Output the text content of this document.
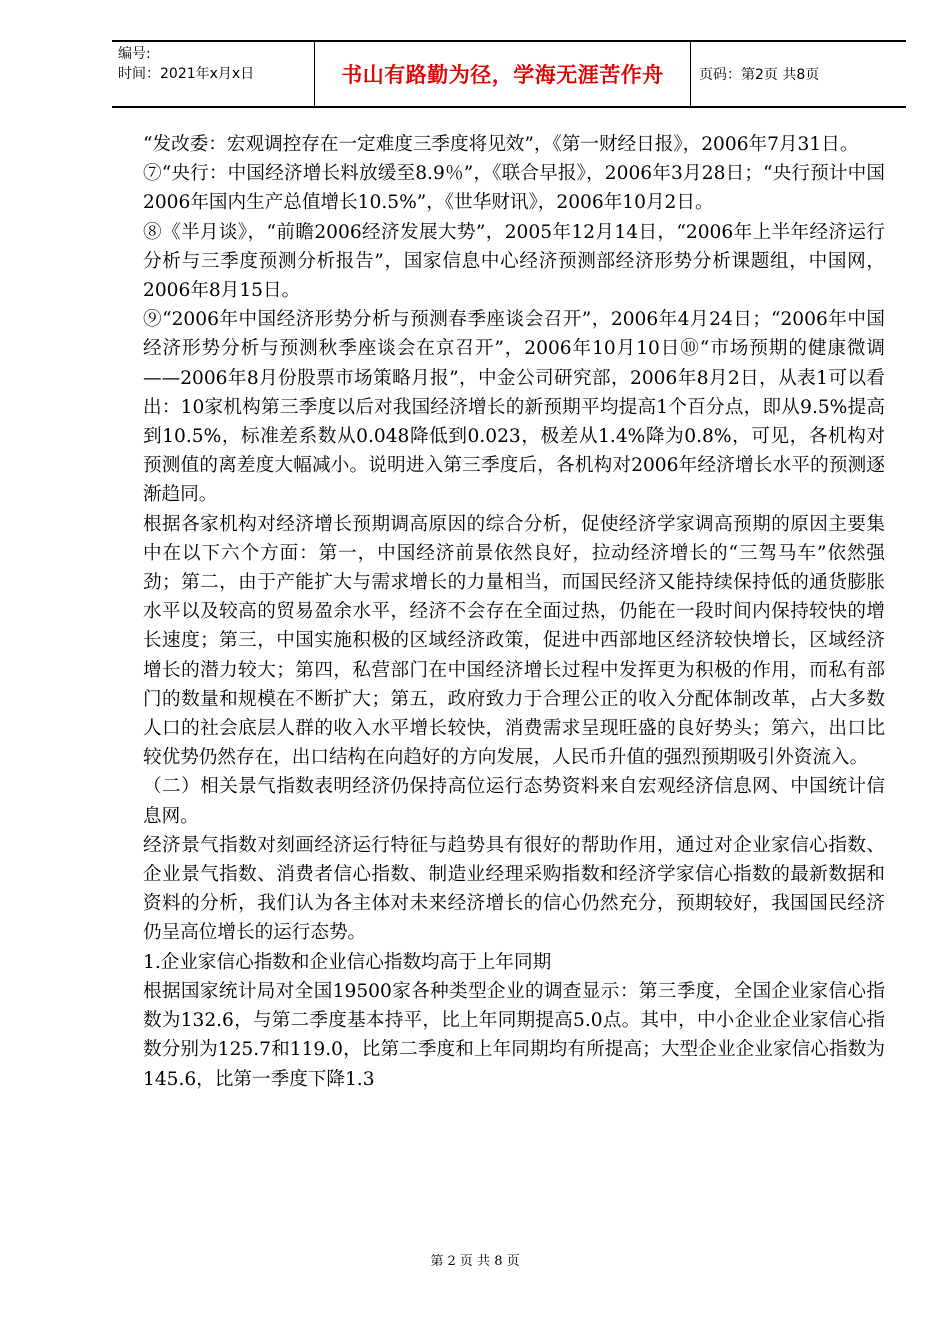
编号:
时间：2021年x月x日	书山有路勤为径，学海无涯苦作舟	页码：第2页 共8页

“发改委：宏观调控存在一定难度三季度将见效”，《第一财经日报》，2006年7月31日。

⑦“央行：中国经济增长料放缓至8.9％”，《联合早报》，2006年3月28日；“央行预计中国2006年国内生产总值增长10.5%”，《世华财讯》，2006年10月2日。

⑧《半月谈》，“前瞻2006经济发展大势”，2005年12月14日，“2006年上半年经济运行分析与三季度预测分析报告”，国家信息中心经济预测部经济形势分析课题组，中国网，2006年8月15日。

⑨“2006年中国经济形势分析与预测春季座谈会召开”，2006年4月24日；“2006年中国经济形势分析与预测秋季座谈会在京召开”，2006年10月10日⑩“市场预期的健康微调——2006年8月份股票市场策略月报”，中金公司研究部，2006年8月2日，从表1可以看出：10家机构第三季度以后对我国经济增长的新预期平均提高1个百分点，即从9.5%提高到10.5%，标准差系数从0.048降低到0.023，极差从1.4%降为0.8%，可见，各机构对预测值的离差度大幅减小。说明进入第三季度后，各机构对2006年经济增长水平的预测逐渐趋同。

根据各家机构对经济增长预期调高原因的综合分析，促使经济学家调高预期的原因主要集中在以下六个方面：第一，中国经济前景依然良好，拉动经济增长的“三驾马车”依然强劲；第二，由于产能扩大与需求增长的力量相当，而国民经济又能持续保持低的通货膨胀水平以及较高的贸易盈余水平，经济不会存在全面过热，仍能在一段时间内保持较快的增长速度；第三，中国实施积极的区域经济政策，促进中西部地区经济较快增长，区域经济增长的潜力较大；第四，私营部门在中国经济增长过程中发挥更为积极的作用，而私有部门的数量和规模在不断扩大；第五，政府致力于合理公正的收入分配体制改革，占大多数人口的社会底层人群的收入水平增长较快，消费需求呈现旺盛的良好势头；第六，出口比较优势仍然存在，出口结构在向趋好的方向发展，人民币升值的强烈预期吸引外资流入。

（二）相关景气指数表明经济仍保持高位运行态势资料来自宏观经济信息网、中国统计信息网。

经济景气指数对刻画经济运行特征与趋势具有很好的帮助作用，通过对企业家信心指数、企业景气指数、消费者信心指数、制造业经理采购指数和经济学家信心指数的最新数据和资料的分析，我们认为各主体对未来经济增长的信心仍然充分，预期较好，我国国民经济仍呈高位增长的运行态势。

1.企业家信心指数和企业信心指数均高于上年同期

根据国家统计局对全国19500家各种类型企业的调查显示：第三季度，全国企业家信心指数为132.6，与第二季度基本持平，比上年同期提高5.0点。其中，中小企业企业家信心指数分别为125.7和119.0，比第二季度和上年同期均有所提高；大型企业企业家信心指数为145.6，比第一季度下降1.3

第 2 页 共 8 页
